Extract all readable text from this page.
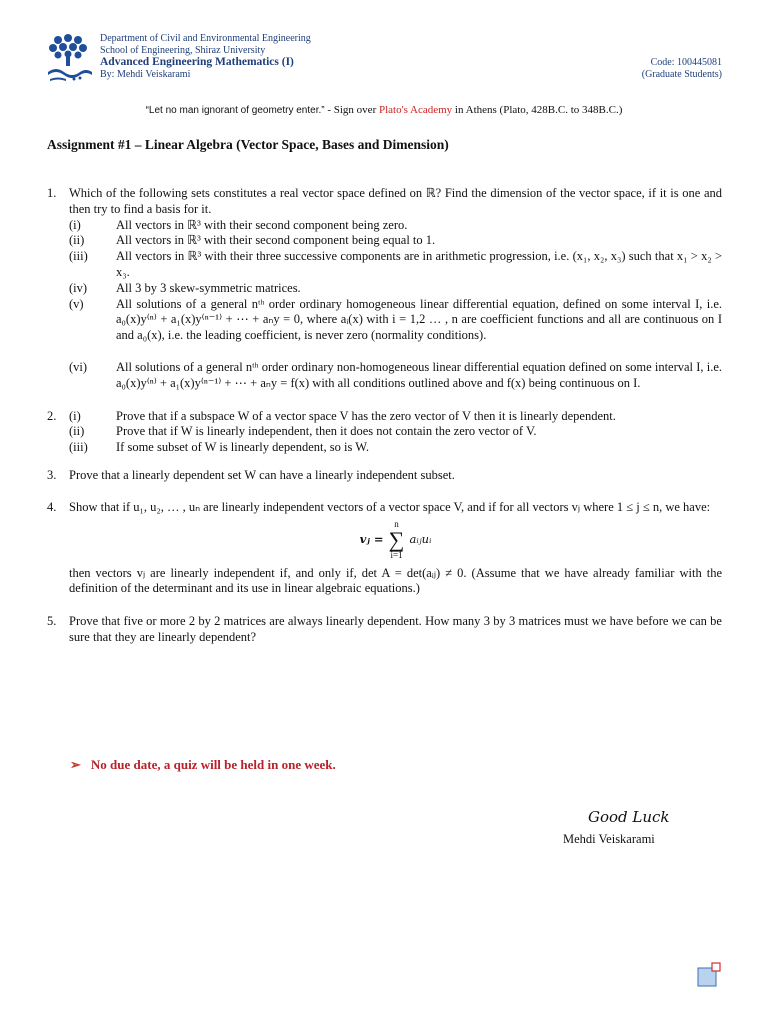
Department of Civil and Environmental Engineering
School of Engineering, Shiraz University
Advanced Engineering Mathematics (I)
By: Mehdi Veiskarami
Code: 100445081
(Graduate Students)
“Let no man ignorant of geometry enter.” - Sign over Plato's Academy in Athens (Plato, 428B.C. to 348B.C.)
Assignment #1 – Linear Algebra (Vector Space, Bases and Dimension)
1.	Which of the following sets constitutes a real vector space defined on ℝ? Find the dimension of the vector space, if it is one and then try to find a basis for it.
(i)	All vectors in ℝ³ with their second component being zero.
(ii)	All vectors in ℝ³ with their second component being equal to 1.
(iii)	All vectors in ℝ³ with their three successive components are in arithmetic progression, i.e. (x₁, x₂, x₃) such that x₁ > x₂ > x₃.
(iv)	All 3 by 3 skew-symmetric matrices.
(v)	All solutions of a general nᵗʰ order ordinary homogeneous linear differential equation, defined on some interval I, i.e. a₀(x)y⁽ⁿ⁾ + a₁(x)y⁽ⁿ⁻¹⁾ + ⋯ + aₙy = 0, where aᵢ(x) with i = 1,2 … , n are coefficient functions and all are continuous on I and a₀(x), i.e. the leading coefficient, is never zero (normality conditions).
(vi)	All solutions of a general nᵗʰ order ordinary non-homogeneous linear differential equation defined on some interval I, i.e. a₀(x)y⁽ⁿ⁾ + a₁(x)y⁽ⁿ⁻¹⁾ + ⋯ + aₙy = f(x) with all conditions outlined above and f(x) being continuous on I.
2.	(i)	Prove that if a subspace W of a vector space V has the zero vector of V then it is linearly dependent.
(ii)	Prove that if W is linearly independent, then it does not contain the zero vector of V.
(iii)	If some subset of W is linearly dependent, so is W.
3.	Prove that a linearly dependent set W can have a linearly independent subset.
4.	Show that if u₁, u₂, … , uₙ are linearly independent vectors of a vector space V, and if for all vectors vⱼ where 1 ≤ j ≤ n, we have:
vⱼ =
n
∑
i=1
aᵢⱼuᵢ
then vectors vⱼ are linearly independent if, and only if, det A = det(aᵢⱼ) ≠ 0. (Assume that we have already familiar with the definition of the determinant and its use in linear algebraic equations.)
5.	Prove that five or more 2 by 2 matrices are always linearly dependent. How many 3 by 3 matrices must we have before we can be sure that they are linearly dependent?
➢ No due date, a quiz will be held in one week.
Good Luck
Mehdi Veiskarami
